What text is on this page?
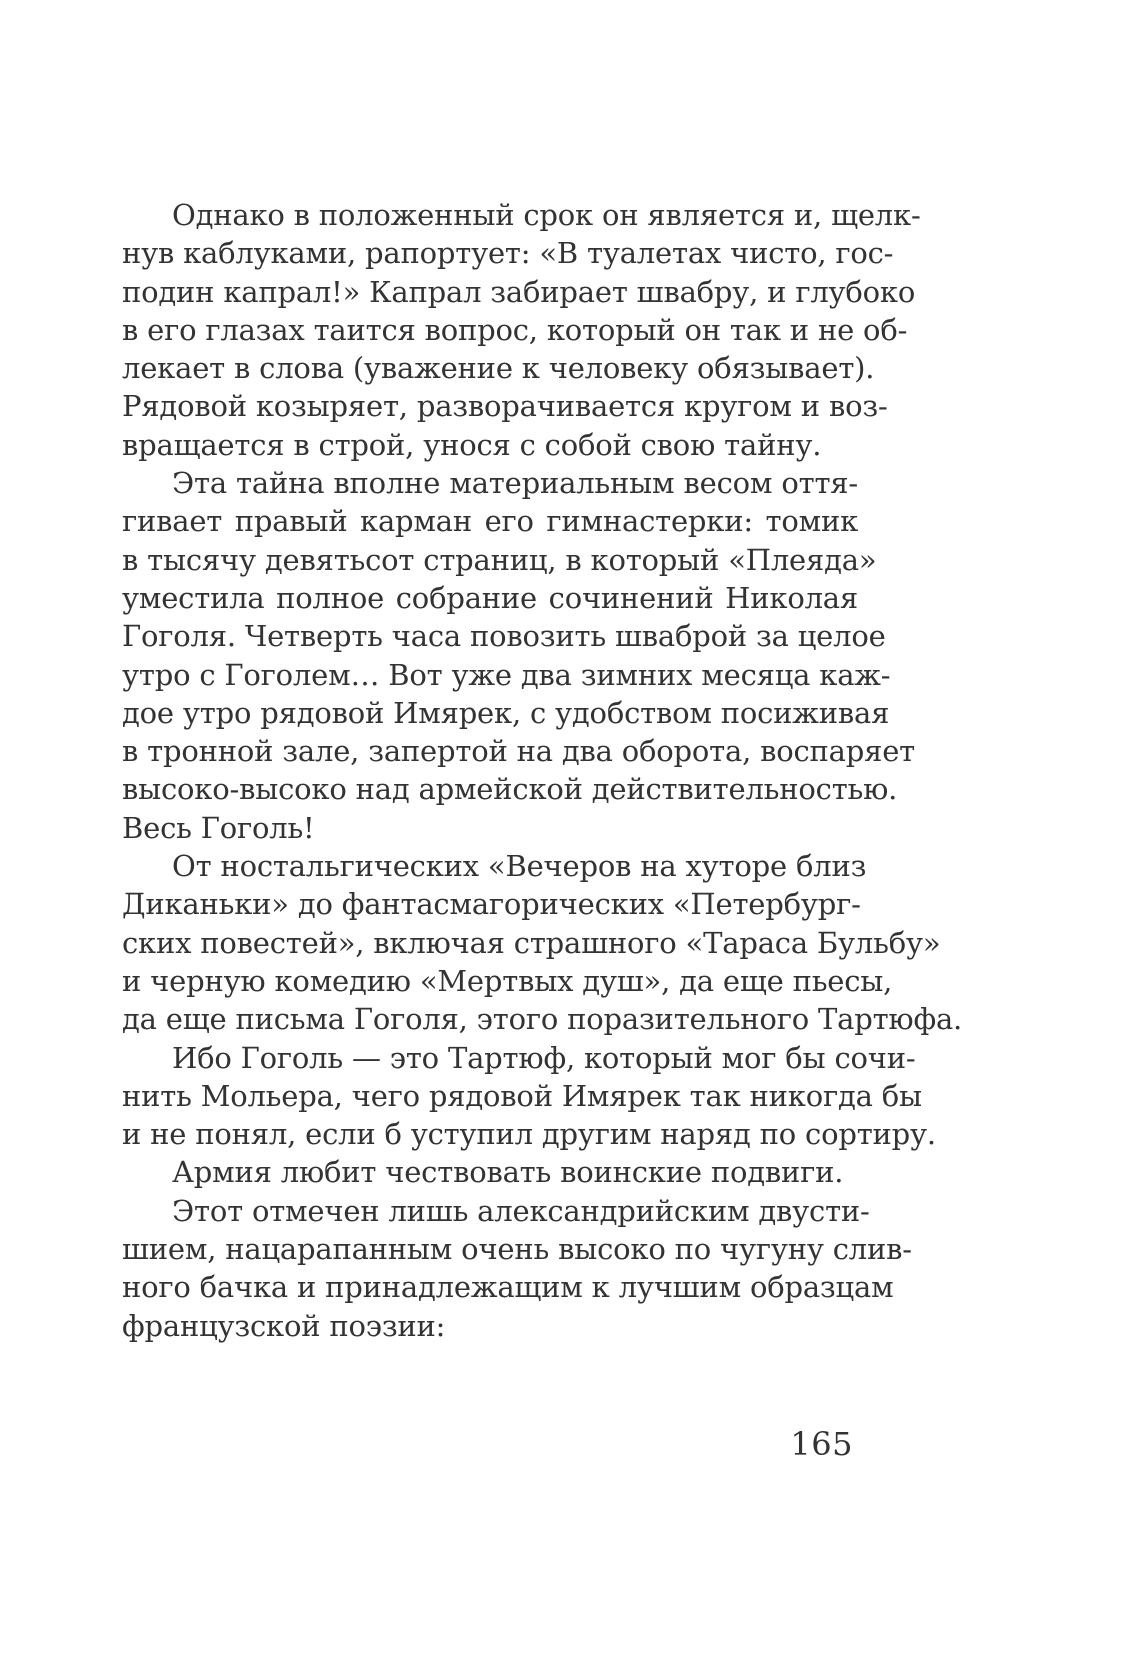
Однако в положенный срок он является и, щелк-
нув каблуками, рапортует: «В туалетах чисто, гос-
подин капрал!» Капрал забирает швабру, и глубоко
в его глазах таится вопрос, который он так и не об-
лекает в слова (уважение к человеку обязывает).
Рядовой козыряет, разворачивается кругом и воз-
вращается в строй, унося с собой свою тайну.
Эта тайна вполне материальным весом оття-
гивает правый карман его гимнастерки: томик
в тысячу девятьсот страниц, в который «Плеяда»
уместила полное собрание сочинений Николая
Гоголя. Четверть часа повозить шваброй за целое
утро с Гоголем… Вот уже два зимних месяца каж-
дое утро рядовой Имярек, с удобством посиживая
в тронной зале, запертой на два оборота, воспаряет
высоко-высоко над армейской действительностью.
Весь Гоголь!
От ностальгических «Вечеров на хуторе близ
Диканьки» до фантасмагорических «Петербург-
ских повестей», включая страшного «Тараса Бульбу»
и черную комедию «Мертвых душ», да еще пьесы,
да еще письма Гоголя, этого поразительного Тартюфа.
Ибо Гоголь — это Тартюф, который мог бы сочи-
нить Мольера, чего рядовой Имярек так никогда бы
и не понял, если б уступил другим наряд по сортиру.
Армия любит чествовать воинские подвиги.
Этот отмечен лишь александрийским двусти-
шием, нацарапанным очень высоко по чугуну слив-
ного бачка и принадлежащим к лучшим образцам
французской поэзии:
165
